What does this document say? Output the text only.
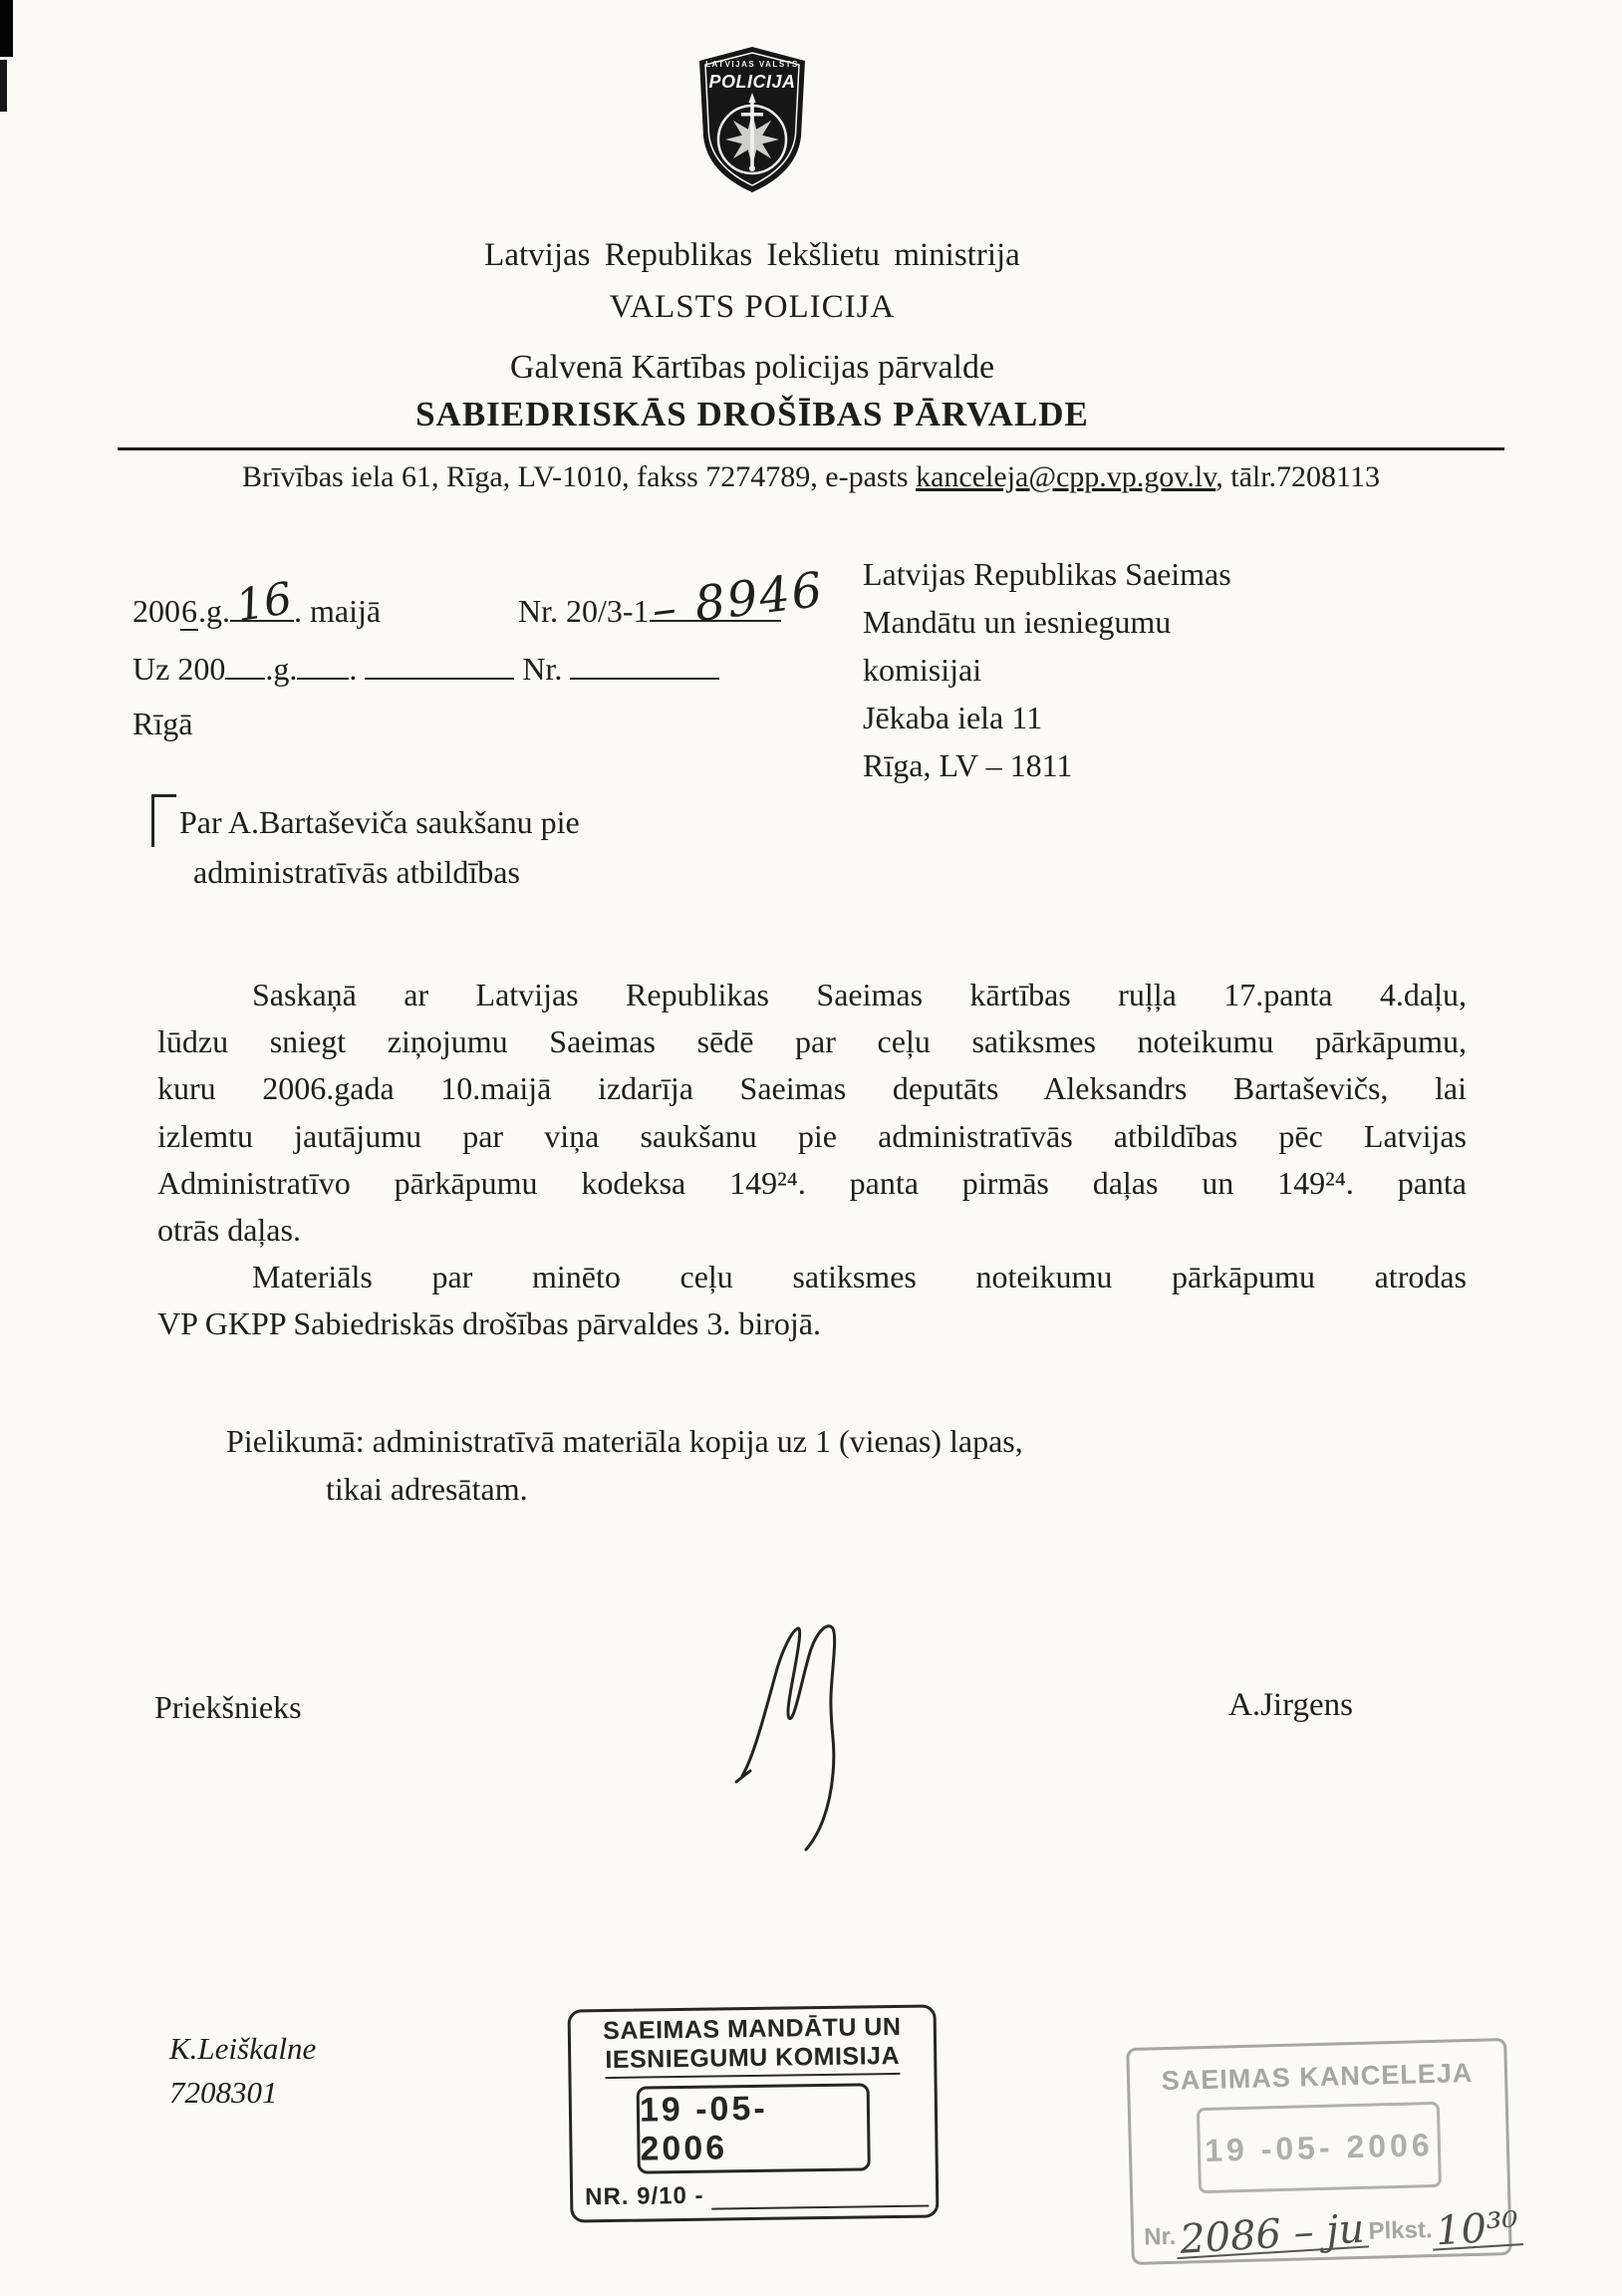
LATVIJAS VALSTS
POLICIJA
Latvijas Republikas Iekšlietu ministrija
VALSTS POLICIJA
Galvenā Kārtības policijas pārvalde
SABIEDRISKĀS DROŠĪBAS PĀRVALDE
Brīvības iela 61, Rīga, LV-1010, fakss 7274789, e-pasts kanceleja@cpp.vp.gov.lv, tālr.7208113
2006.g. 16
. maijā	Nr. 20/3-1 – 8946
Uz 200 .g. .	Nr.
Rīgā
Latvijas Republikas Saeimas
Mandātu un iesniegumu
komisijai
Jēkaba iela 11
Rīga, LV – 1811
Par A.Bartaševiča saukšanu pie
administratīvās atbildības
Saskaņā ar Latvijas Republikas Saeimas kārtības ruļļa 17.panta 4.daļu,
lūdzu sniegt ziņojumu Saeimas sēdē par ceļu satiksmes noteikumu pārkāpumu,
kuru 2006.gada 10.maijā izdarīja Saeimas deputāts Aleksandrs Bartaševičs, lai
izlemtu jautājumu par viņa saukšanu pie administratīvās atbildības pēc Latvijas
Administratīvo pārkāpumu kodeksa 149²⁴. panta pirmās daļas un 149²⁴. panta
otrās daļas.
Materiāls par minēto ceļu satiksmes noteikumu pārkāpumu atrodas
VP GKPP Sabiedriskās drošības pārvaldes 3. birojā.
Pielikumā: administratīvā materiāla kopija uz 1 (vienas) lapas,
tikai adresātam.
Priekšnieks	A.Jirgens
K.Leiškalne
7208301
SAEIMAS MANDĀTU UN
IESNIEGUMU KOMISIJA
19 -05- 2006
NR. 9/10 -
SAEIMAS KANCELEJA
19 -05- 2006
Nr.2086 – ju Plkst.10³⁰
